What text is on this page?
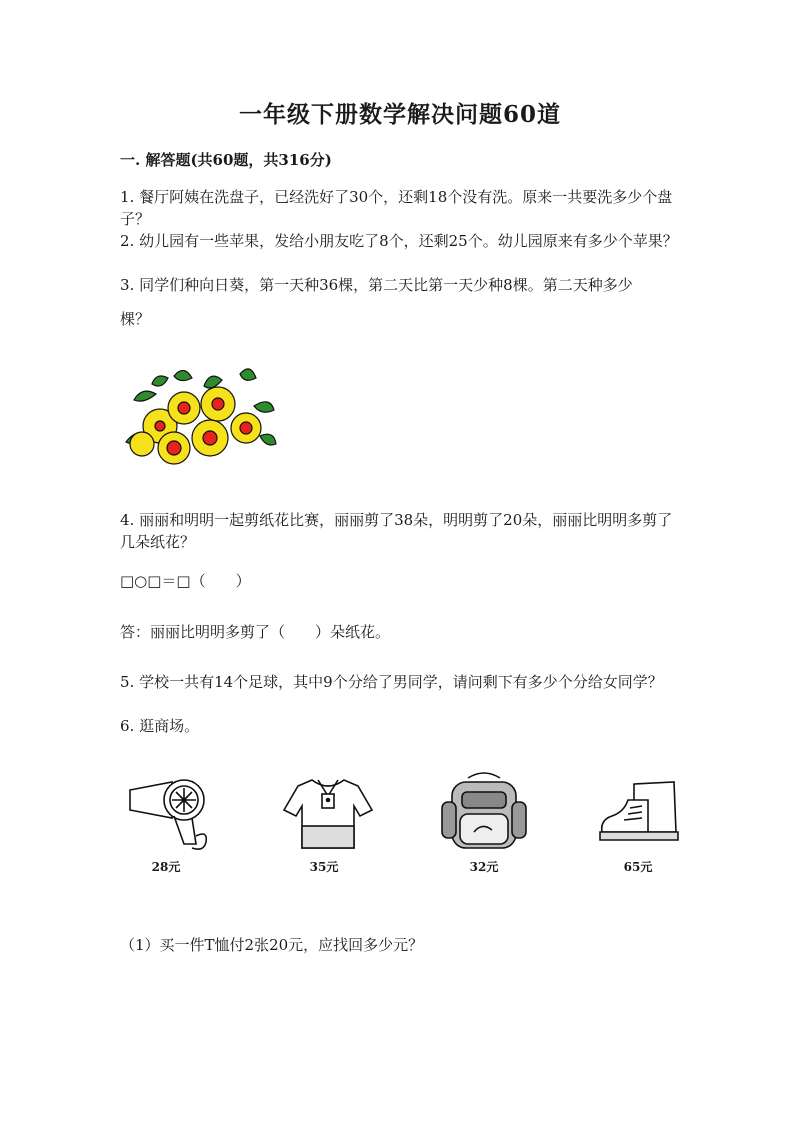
一年级下册数学解决问题60道
一. 解答题(共60题，共316分)
1. 餐厅阿姨在洗盘子，已经洗好了30个，还剩18个没有洗。原来一共要洗多少个盘子？
2. 幼儿园有一些苹果，发给小朋友吃了8个，还剩25个。幼儿园原来有多少个苹果？
3. 同学们种向日葵，第一天种36棵，第二天比第一天少种8棵。第二天种多少
棵？
4. 丽丽和明明一起剪纸花比赛，丽丽剪了38朵，明明剪了20朵，丽丽比明明多剪了几朵纸花？
□○□＝□（　　）
答：丽丽比明明多剪了（　　）朵纸花。
5. 学校一共有14个足球，其中9个分给了男同学，请问剩下有多少个分给女同学？
6. 逛商场。
28元	35元	32元	65元
（1）买一件T恤付2张20元，应找回多少元？
